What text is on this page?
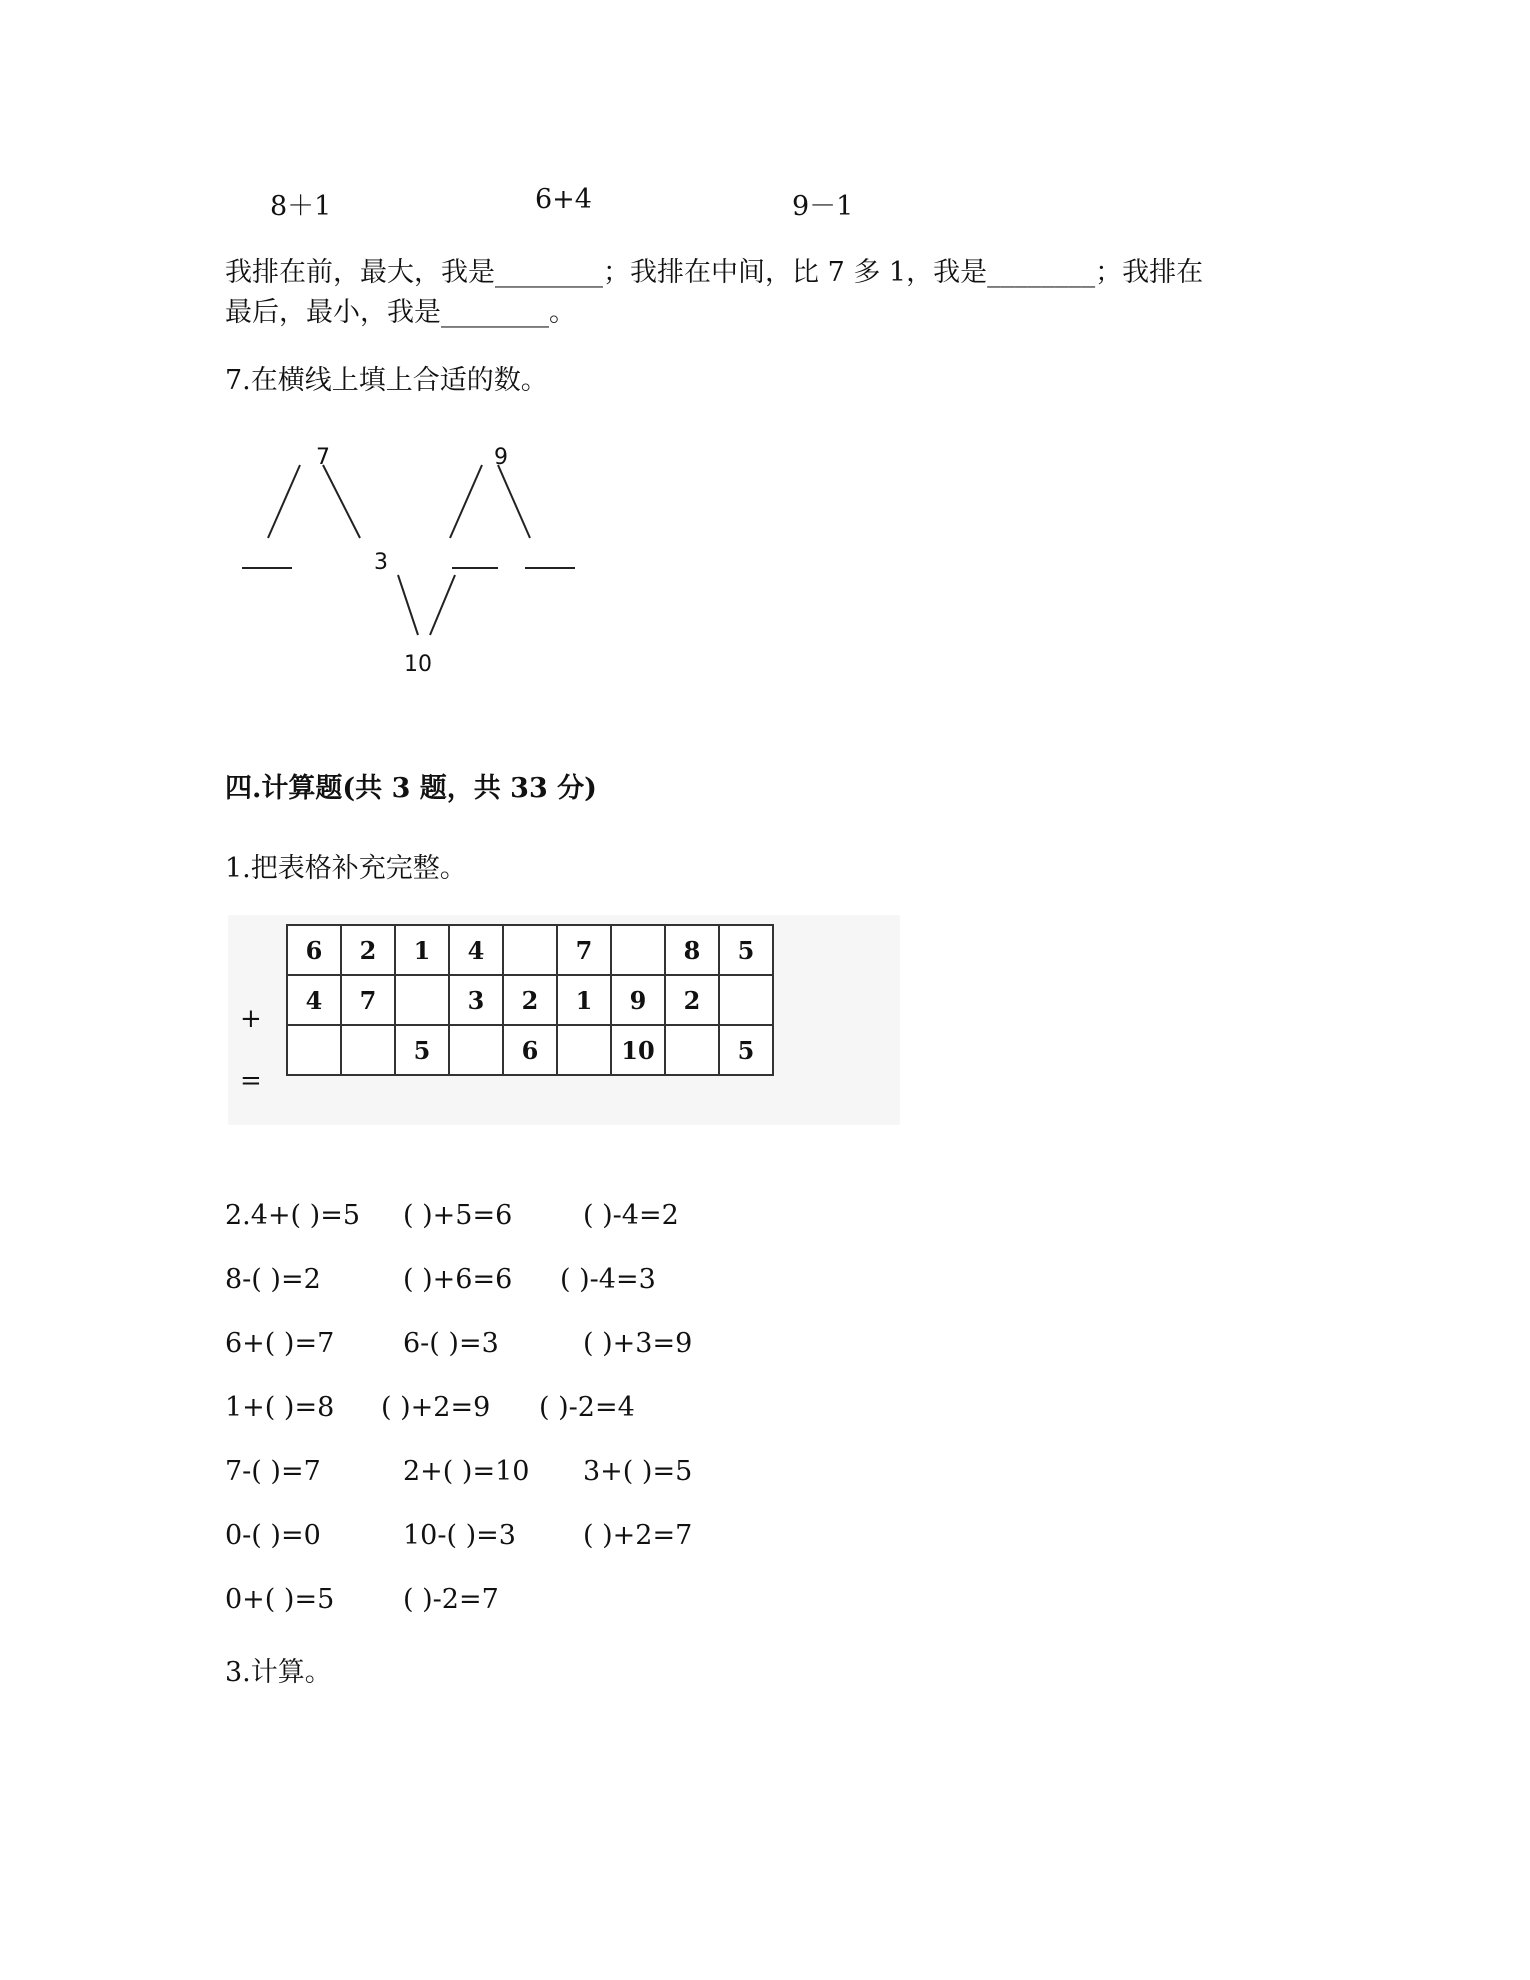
8＋1	6+4	9－1
我排在前，最大，我是________；我排在中间，比 7 多 1，我是________；我排在
最后，最小，我是________。
7.在横线上填上合适的数。
7	9
3
10
四.计算题(共 3 题，共 33 分)
1.把表格补充完整。
+
=
6	2	1	4		7		8	5
4	7		3	2	1	9	2	
		5		6		10		5
2.4+( )=5 ( )+5=6	( )-4=2
8-( )=2	( )+6=6 ( )-4=3
6+( )=7	6-( )=3	( )+3=9
1+( )=8 ( )+2=9 ( )-2=4
7-( )=7	2+( )=10 3+( )=5
0-( )=0	10-( )=3 ( )+2=7
0+( )=5	( )-2=7
3.计算。
